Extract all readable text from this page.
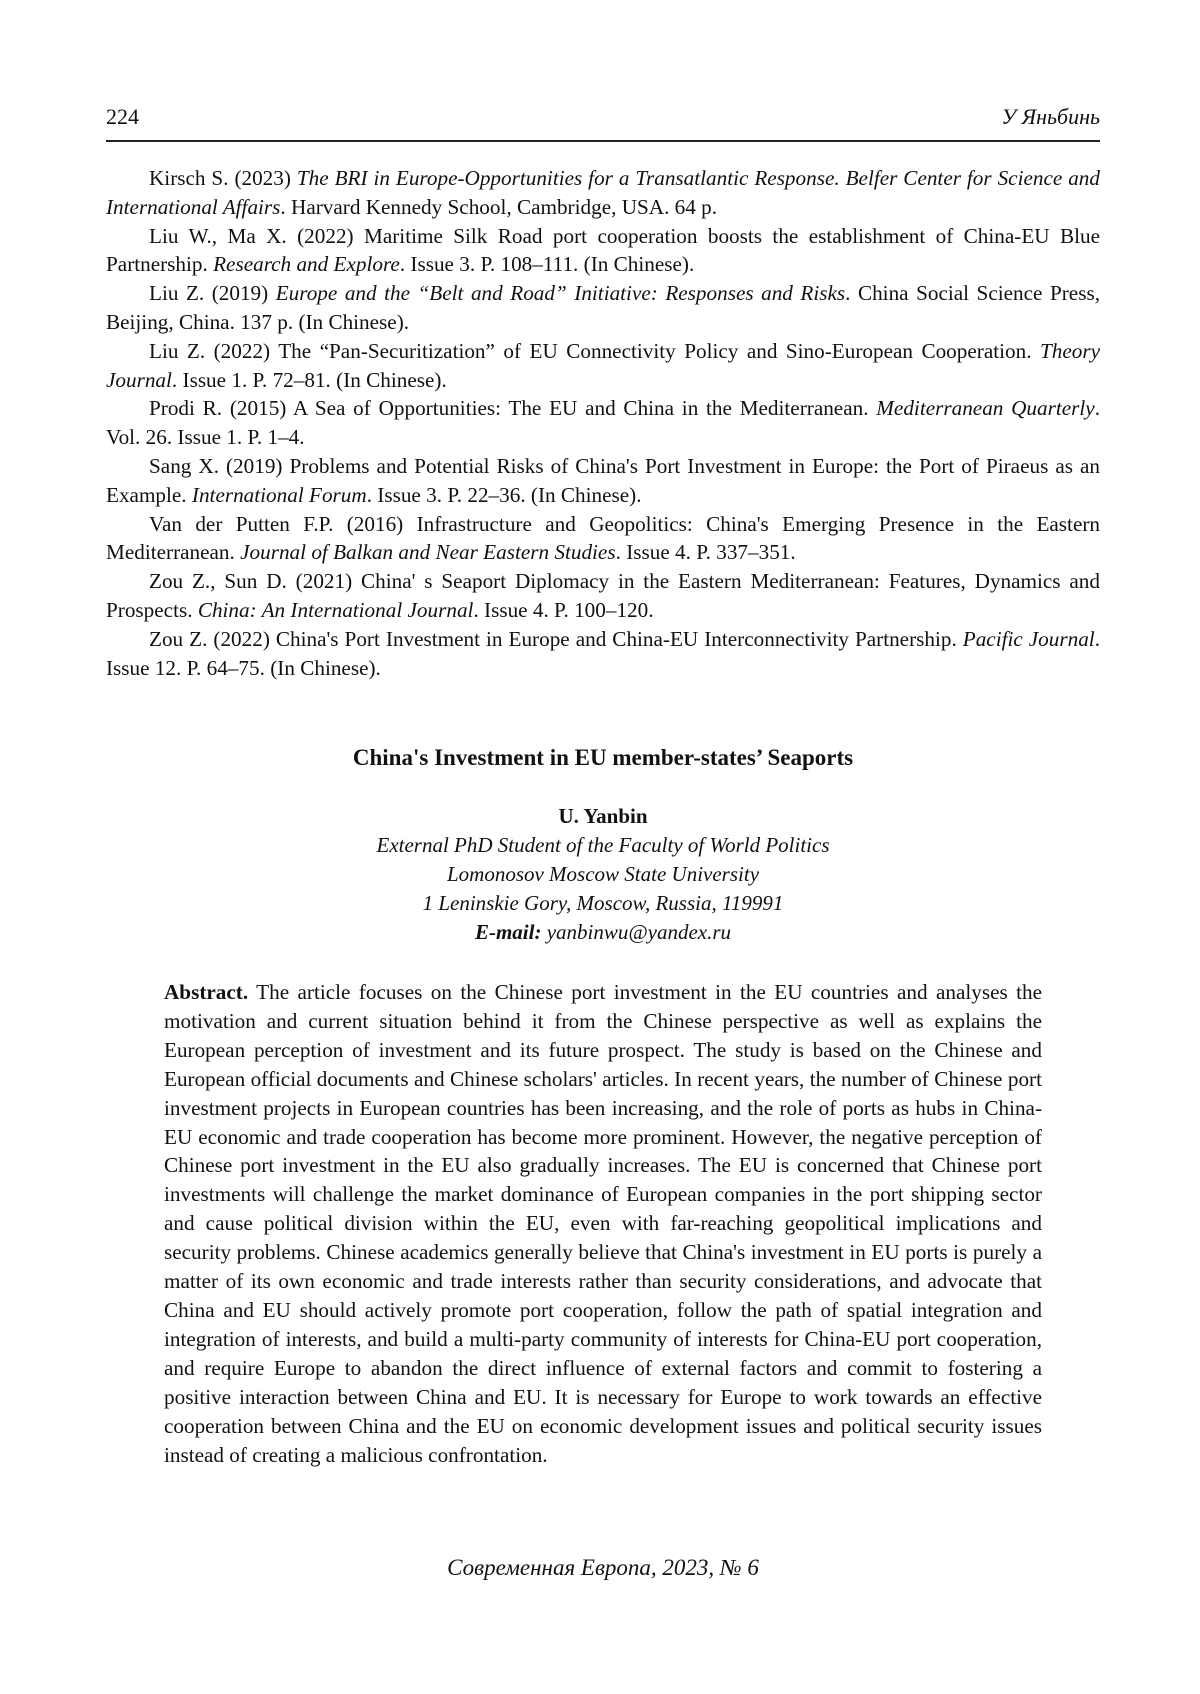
224	У Яньбинь

Kirsch S. (2023) The BRI in Europe-Opportunities for a Transatlantic Response. Belfer Center for Science and International Affairs. Harvard Kennedy School, Cambridge, USA. 64 p.

Liu W., Ma X. (2022) Maritime Silk Road port cooperation boosts the establishment of China-EU Blue Partnership. Research and Explore. Issue 3. P. 108–111. (In Chinese).

Liu Z. (2019) Europe and the “Belt and Road” Initiative: Responses and Risks. China Social Science Press, Beijing, China. 137 p. (In Chinese).

Liu Z. (2022) The “Pan-Securitization” of EU Connectivity Policy and Sino-European Cooperation. Theory Journal. Issue 1. P. 72–81. (In Chinese).

Prodi R. (2015) A Sea of Opportunities: The EU and China in the Mediterranean. Mediterranean Quarterly. Vol. 26. Issue 1. P. 1–4.

Sang X. (2019) Problems and Potential Risks of China's Port Investment in Europe: the Port of Piraeus as an Example. International Forum. Issue 3. P. 22–36. (In Chinese).

Van der Putten F.P. (2016) Infrastructure and Geopolitics: China's Emerging Presence in the Eastern Mediterranean. Journal of Balkan and Near Eastern Studies. Issue 4. P. 337–351.

Zou Z., Sun D. (2021) China' s Seaport Diplomacy in the Eastern Mediterranean: Features, Dynamics and Prospects. China: An International Journal. Issue 4. P. 100–120.

Zou Z. (2022) China's Port Investment in Europe and China-EU Interconnectivity Partnership. Pacific Journal. Issue 12. P. 64–75. (In Chinese).

China's Investment in EU member-states’ Seaports
U. Yanbin
External PhD Student of the Faculty of World Politics
Lomonosov Moscow State University
1 Leninskie Gory, Moscow, Russia, 119991
E-mail: yanbinwu@yandex.ru

Abstract. The article focuses on the Chinese port investment in the EU countries and analyses the motivation and current situation behind it from the Chinese perspective as well as explains the European perception of investment and its future prospect. The study is based on the Chinese and European official documents and Chinese scholars' articles. In recent years, the number of Chinese port investment projects in European countries has been increasing, and the role of ports as hubs in China-EU economic and trade cooperation has become more prominent. However, the negative perception of Chinese port investment in the EU also gradually increases. The EU is concerned that Chinese port investments will challenge the market dominance of European companies in the port shipping sector and cause political division within the EU, even with far-reaching geopolitical implications and security problems. Chinese academics generally believe that China's investment in EU ports is purely a matter of its own economic and trade interests rather than security considerations, and advocate that China and EU should actively promote port cooperation, follow the path of spatial integration and integration of interests, and build a multi-party community of interests for China-EU port cooperation, and require Europe to abandon the direct influence of external factors and commit to fostering a positive interaction between China and EU. It is necessary for Europe to work towards an effective cooperation between China and the EU on economic development issues and political security issues instead of creating a malicious confrontation.

Современная Европа, 2023, № 6
